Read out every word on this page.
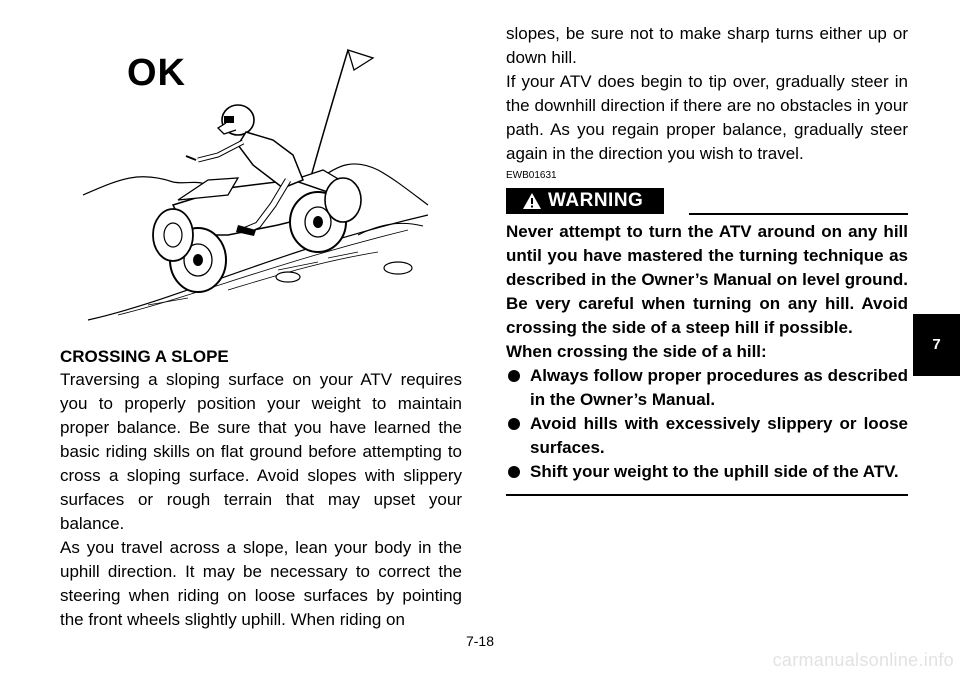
OK
CROSSING A SLOPE

Traversing a sloping surface on your ATV requires you to properly position your weight to maintain proper balance. Be sure that you have learned the basic riding skills on flat ground before attempting to cross a sloping surface. Avoid slopes with slippery surfaces or rough terrain that may upset your balance.

As you travel across a slope, lean your body in the uphill direction. It may be necessary to correct the steering when riding on loose surfaces by pointing the front wheels slightly uphill. When riding on

slopes, be sure not to make sharp turns either up or down hill.

If your ATV does begin to tip over, gradually steer in the downhill direction if there are no obstacles in your path. As you regain proper balance, gradually steer again in the direction you wish to travel.

EWB01631
WARNING

Never attempt to turn the ATV around on any hill until you have mastered the turning technique as described in the Owner’s Manual on level ground. Be very careful when turning on any hill. Avoid crossing the side of a steep hill if possible.

When crossing the side of a hill:

Always follow proper procedures as described in the Owner’s Manual.
Avoid hills with excessively slippery or loose surfaces.
Shift your weight to the uphill side of the ATV.
7
7-18
carmanualsonline.info
